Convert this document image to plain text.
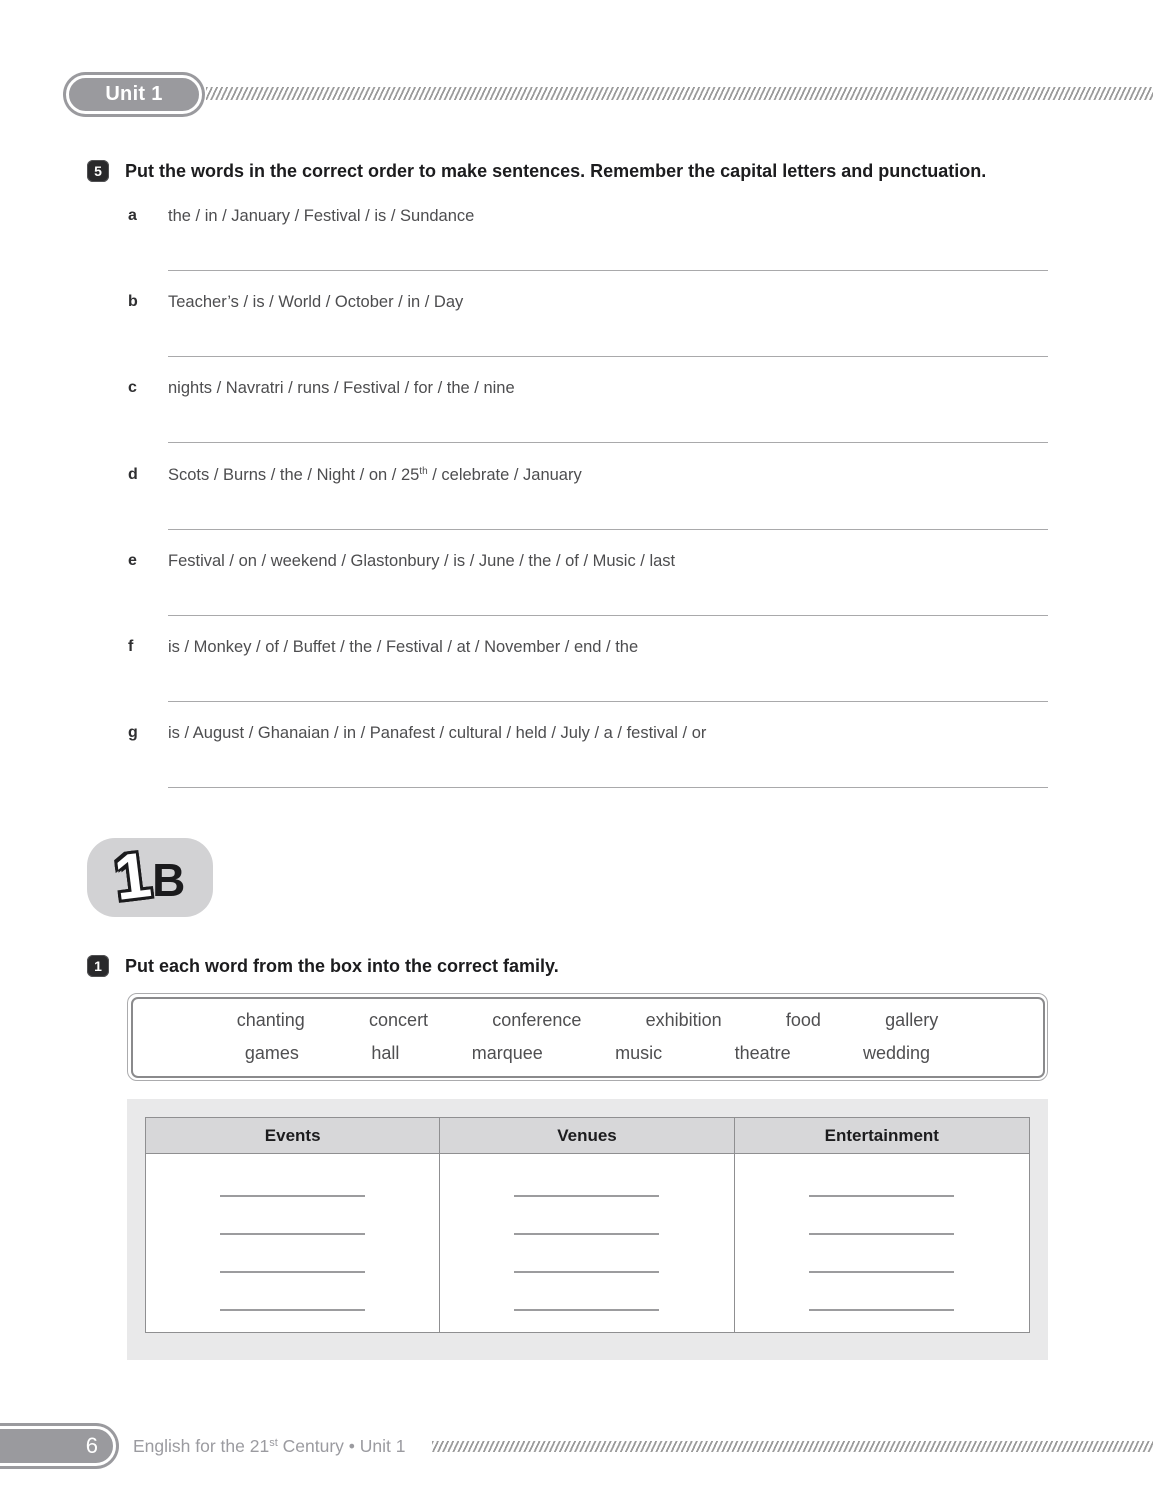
Unit 1
5 Put the words in the correct order to make sentences. Remember the capital letters and punctuation.
a the / in / January / Festival / is / Sundance
b Teacher’s / is / World / October / in / Day
c nights / Navratri / runs / Festival / for / the / nine
d Scots / Burns / the / Night / on / 25th / celebrate / January
e Festival / on / weekend / Glastonbury / is / June / the / of / Music / last
f is / Monkey / of / Buffet / the / Festival / at / November / end / the
g is / August / Ghanaian / in / Panafest / cultural / held / July / a / festival / or
1
B
1 Put each word from the box into the correct family.
chanting	concert	conference	exhibition	food	gallery
games	hall	marquee	music	theatre	wedding
Events	Venues	Entertainment
6 English for the 21st Century • Unit 1
